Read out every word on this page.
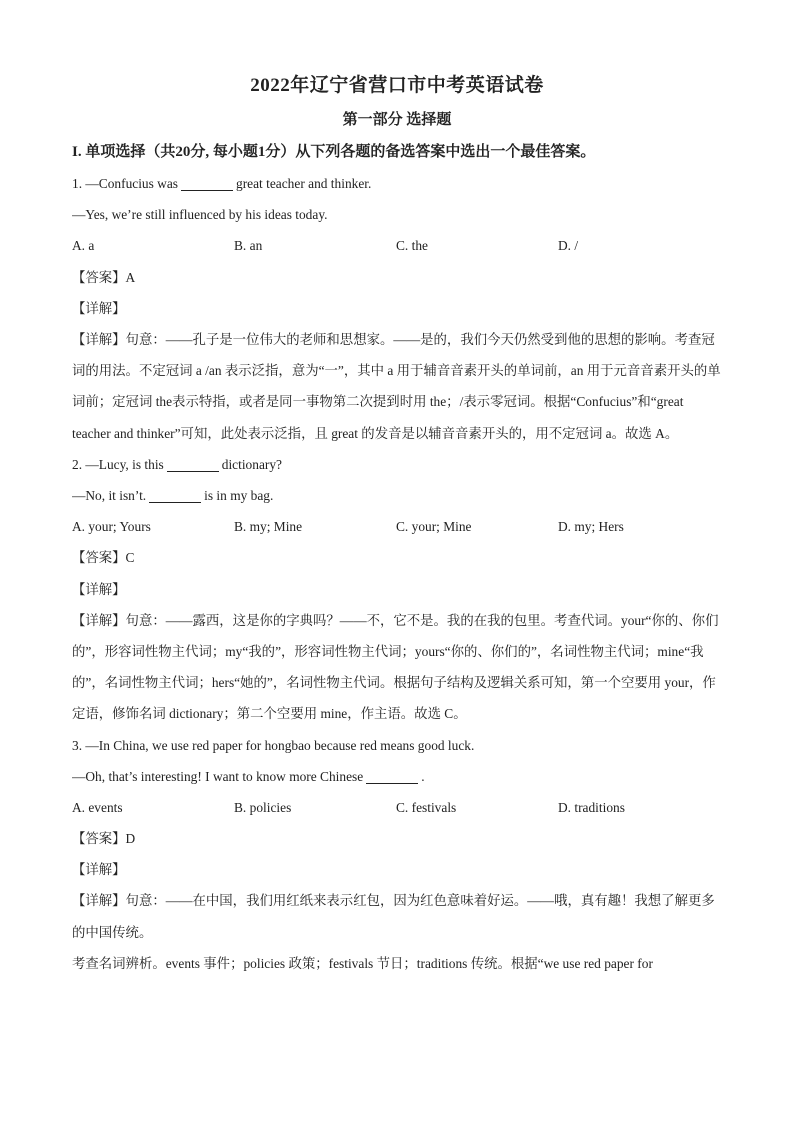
2022年辽宁省营口市中考英语试卷
第一部分 选择题
I. 单项选择（共20分, 每小题1分）从下列各题的备选答案中选出一个最佳答案。
1. —Confucius was	great teacher and thinker.
—Yes, we’re still influenced by his ideas today.
A. a	B. an	C. the	D. /
【答案】A
【详解】
【详解】句意：——孔子是一位伟大的老师和思想家。——是的，我们今天仍然受到他的思想的影响。考查冠词的用法。不定冠词 a /an 表示泛指，意为“一”，其中 a 用于辅音音素开头的单词前，an 用于元音音素开头的单词前；定冠词 the表示特指，或者是同一事物第二次提到时用 the；/表示零冠词。根据“Confucius”和“great teacher and thinker”可知，此处表示泛指，且 great 的发音是以辅音音素开头的，用不定冠词 a。故选 A。
2. —Lucy, is this	dictionary?
—No, it isn’t.	is in my bag.
A. your; Yours	B. my; Mine	C. your; Mine	D. my; Hers
【答案】C
【详解】
【详解】句意：——露西，这是你的字典吗？——不，它不是。我的在我的包里。考查代词。your“你的、你们的”，形容词性物主代词；my“我的”，形容词性物主代词；yours“你的、你们的”，名词性物主代词；mine“我的”，名词性物主代词；hers“她的”，名词性物主代词。根据句子结构及逻辑关系可知，第一个空要用 your，作定语，修饰名词 dictionary；第二个空要用 mine，作主语。故选 C。
3. —In China, we use red paper for hongbao because red means good luck.
—Oh, that’s interesting! I want to know more Chinese	.
A. events	B. policies	C. festivals	D. traditions
【答案】D
【详解】
【详解】句意：——在中国，我们用红纸来表示红包，因为红色意味着好运。——哦，真有趣！我想了解更多的中国传统。
考查名词辨析。events 事件；policies 政策；festivals 节日；traditions 传统。根据“we use red paper for
